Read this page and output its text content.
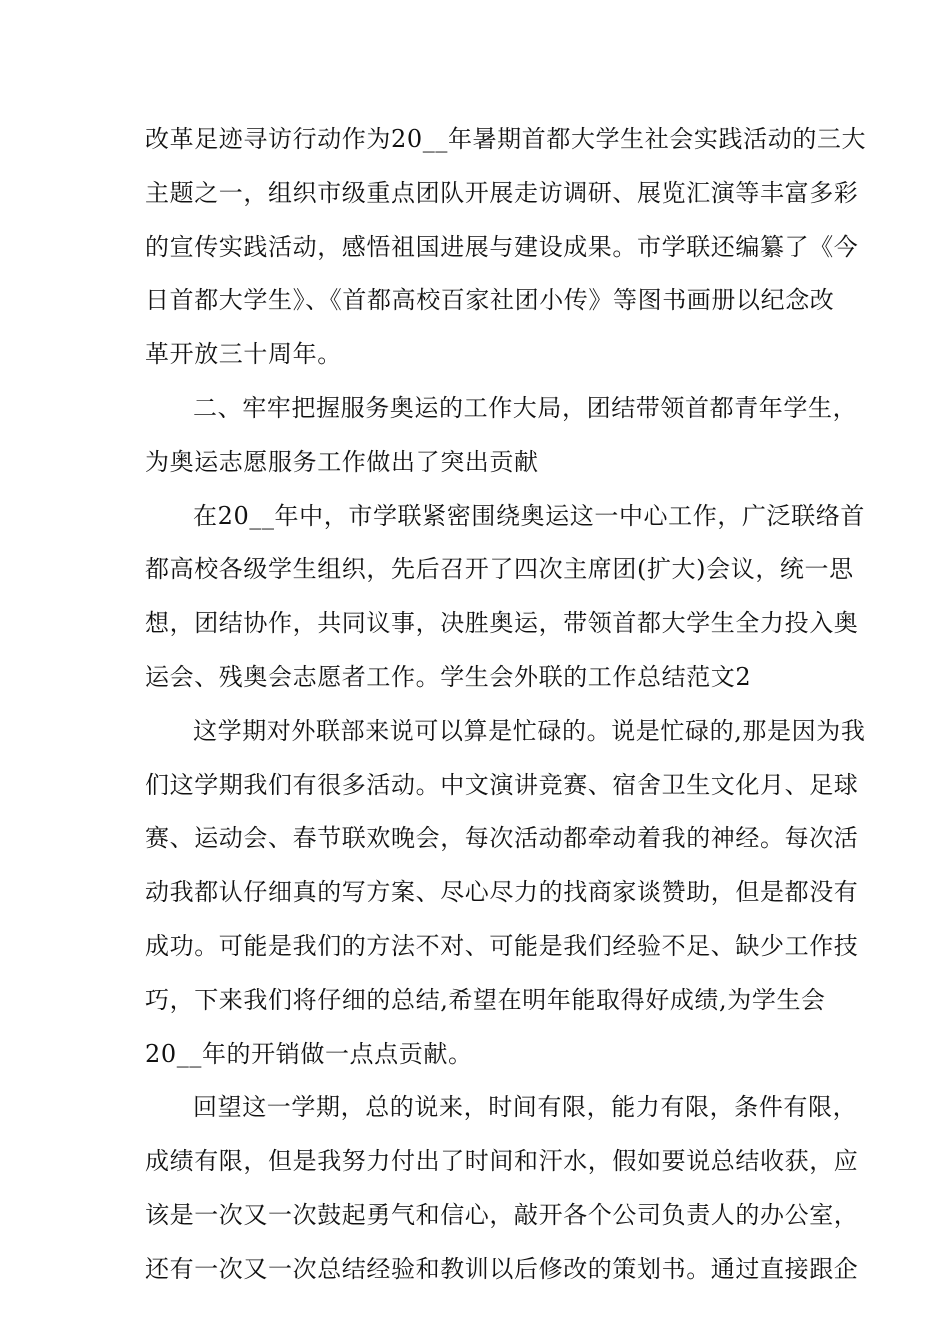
改革足迹寻访行动作为20__年暑期首都大学生社会实践活动的三大
主题之一，组织市级重点团队开展走访调研、展览汇演等丰富多彩
的宣传实践活动，感悟祖国进展与建设成果。市学联还编纂了《今
日首都大学生》、《首都高校百家社团小传》等图书画册以纪念改
革开放三十周年。
二、牢牢把握服务奥运的工作大局，团结带领首都青年学生，
为奥运志愿服务工作做出了突出贡献
在20__年中，市学联紧密围绕奥运这一中心工作，广泛联络首
都高校各级学生组织，先后召开了四次主席团(扩大)会议，统一思
想，团结协作，共同议事，决胜奥运，带领首都大学生全力投入奥
运会、残奥会志愿者工作。学生会外联的工作总结范文2
这学期对外联部来说可以算是忙碌的。说是忙碌的,那是因为我
们这学期我们有很多活动。中文演讲竞赛、宿舍卫生文化月、足球
赛、运动会、春节联欢晚会，每次活动都牵动着我的神经。每次活
动我都认仔细真的写方案、尽心尽力的找商家谈赞助，但是都没有
成功。可能是我们的方法不对、可能是我们经验不足、缺少工作技
巧，下来我们将仔细的总结,希望在明年能取得好成绩,为学生会
20__年的开销做一点点贡献。
回望这一学期，总的说来，时间有限，能力有限，条件有限，
成绩有限，但是我努力付出了时间和汗水，假如要说总结收获，应
该是一次又一次鼓起勇气和信心，敲开各个公司负责人的办公室，
还有一次又一次总结经验和教训以后修改的策划书。通过直接跟企
